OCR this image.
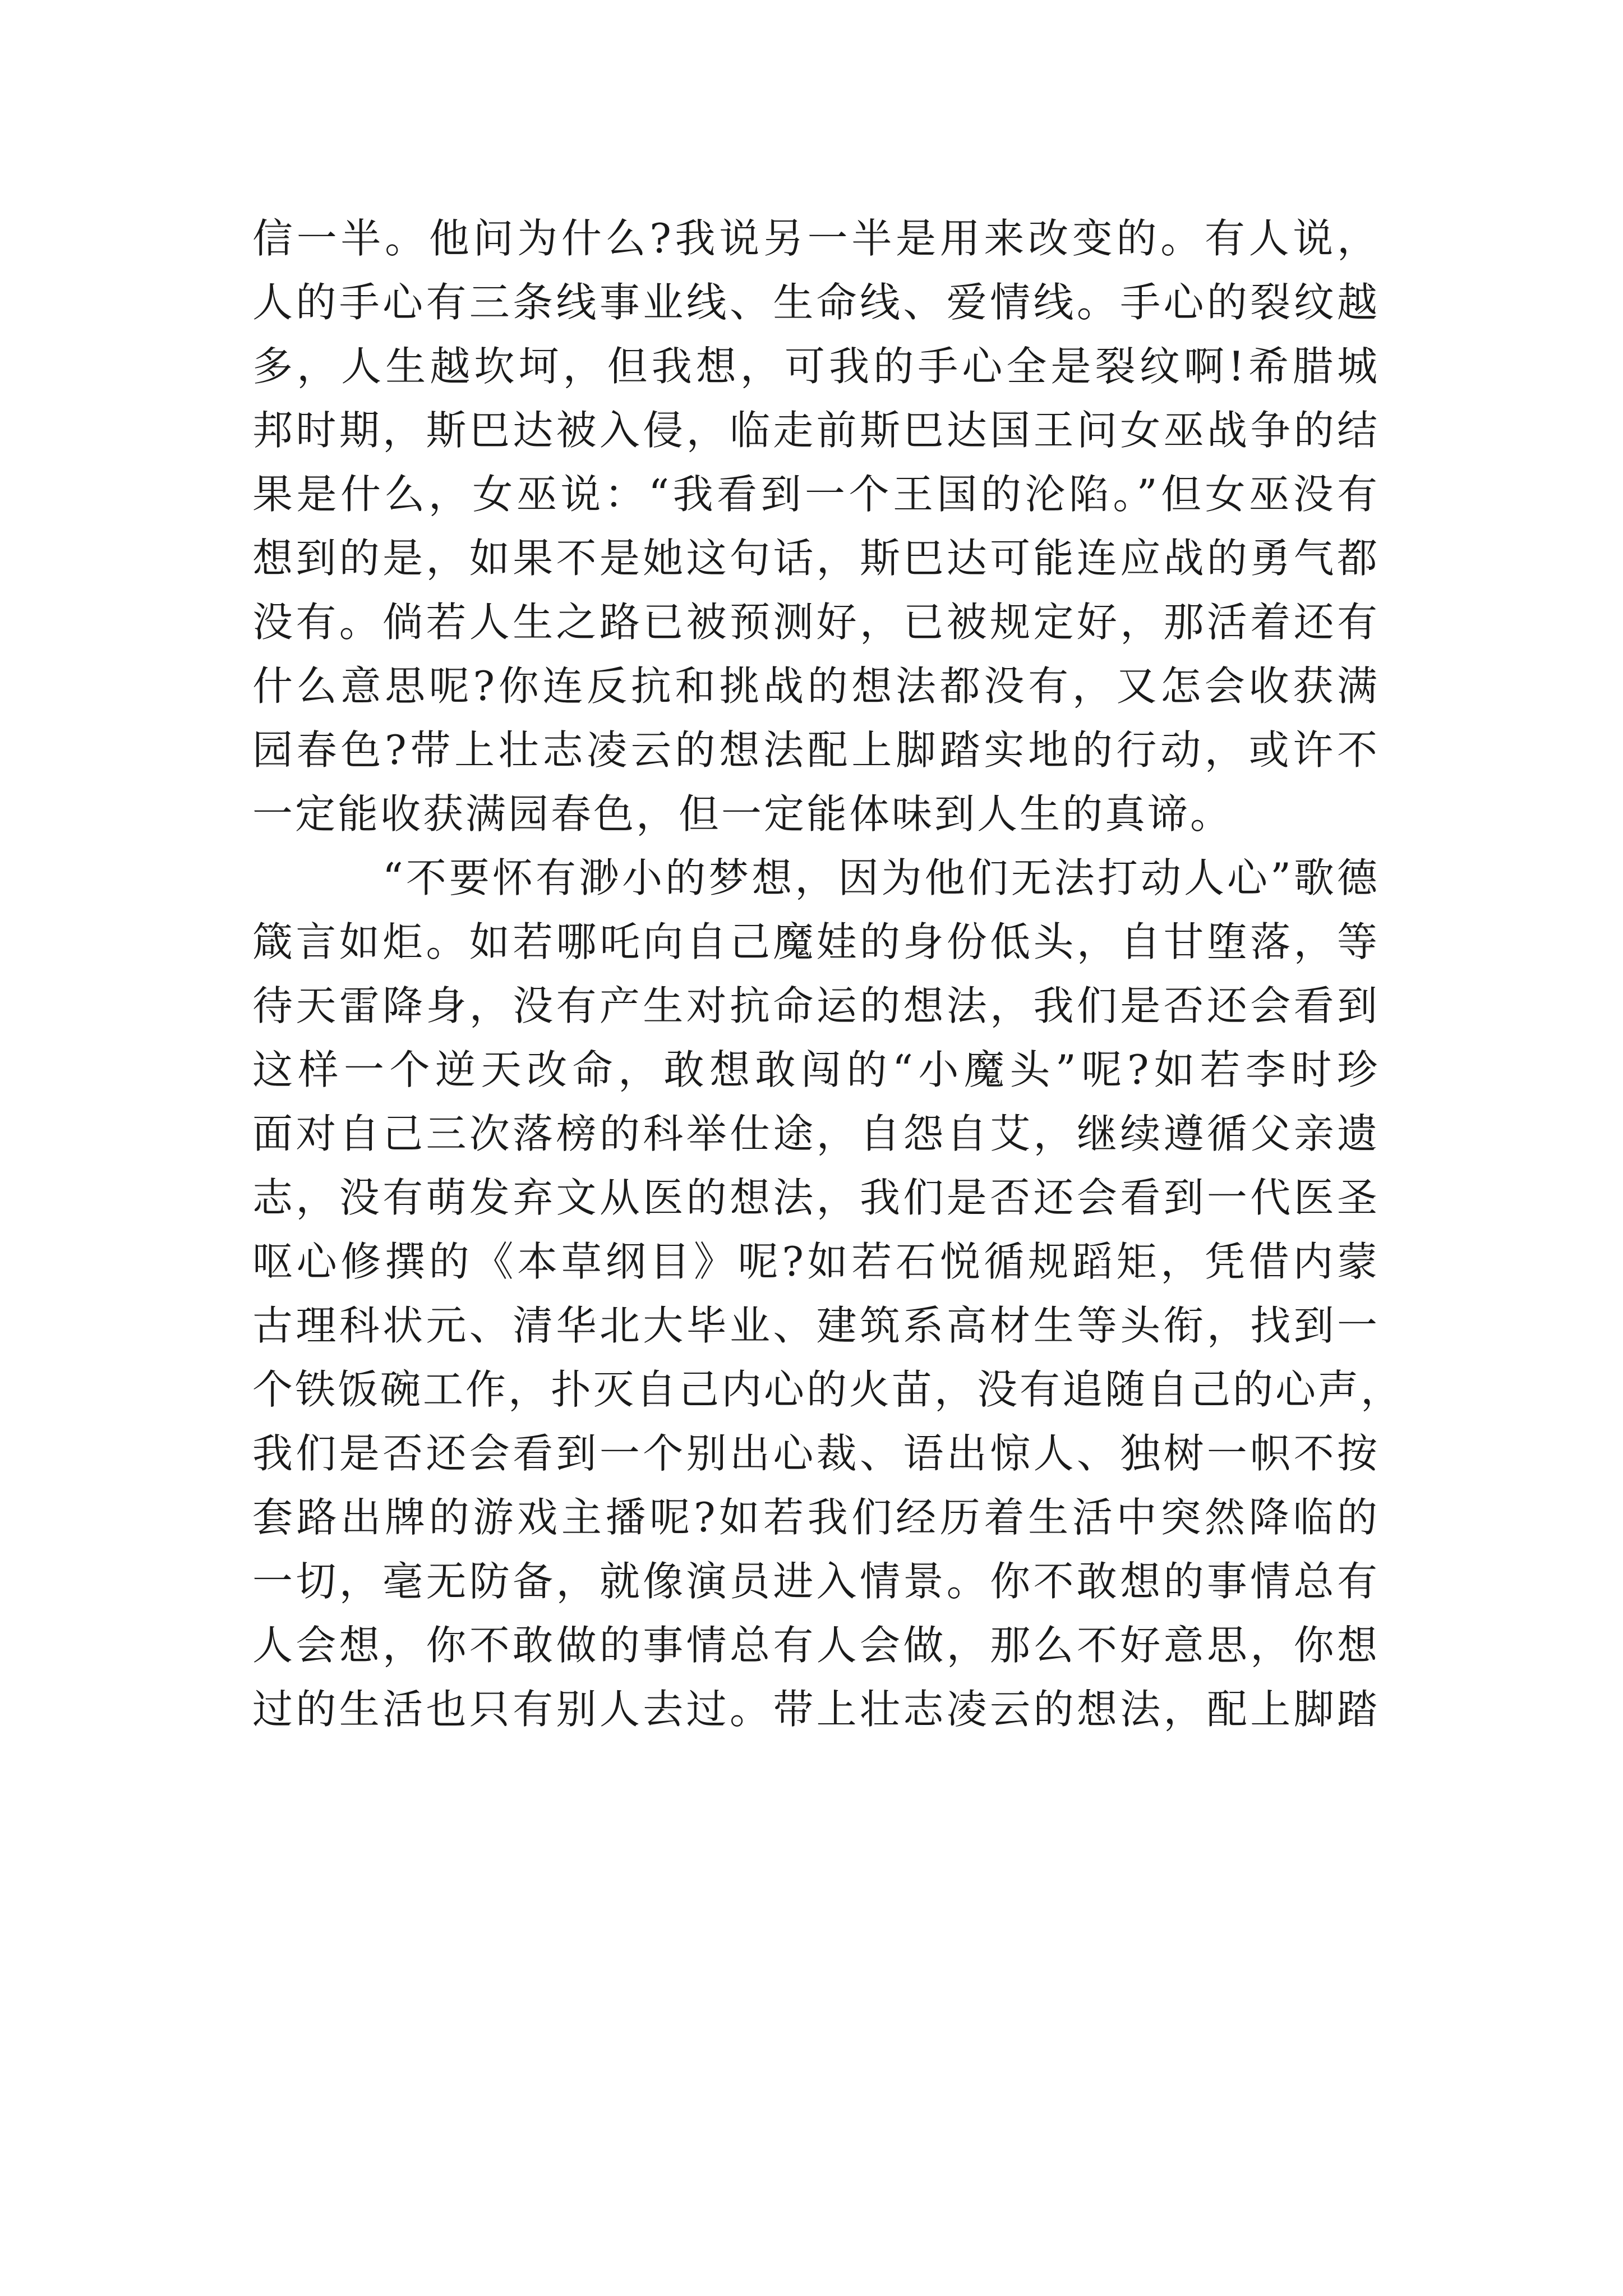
信一半。他问为什么?我说另一半是用来改变的。有人说，
人的手心有三条线事业线、生命线、爱情线。手心的裂纹越
多，人生越坎坷，但我想，可我的手心全是裂纹啊!希腊城
邦时期，斯巴达被入侵，临走前斯巴达国王问女巫战争的结
果是什么，女巫说：“我看到一个王国的沦陷。”但女巫没有
想到的是，如果不是她这句话，斯巴达可能连应战的勇气都
没有。倘若人生之路已被预测好，已被规定好，那活着还有
什么意思呢?你连反抗和挑战的想法都没有，又怎会收获满
园春色?带上壮志凌云的想法配上脚踏实地的行动，或许不
一定能收获满园春色，但一定能体味到人生的真谛。
“不要怀有渺小的梦想，因为他们无法打动人心”歌德
箴言如炬。如若哪吒向自己魔娃的身份低头，自甘堕落，等
待天雷降身，没有产生对抗命运的想法，我们是否还会看到
这样一个逆天改命，敢想敢闯的“小魔头”呢?如若李时珍
面对自己三次落榜的科举仕途，自怨自艾，继续遵循父亲遗
志，没有萌发弃文从医的想法，我们是否还会看到一代医圣
呕心修撰的《本草纲目》呢?如若石悦循规蹈矩，凭借内蒙
古理科状元、清华北大毕业、建筑系高材生等头衔，找到一
个铁饭碗工作，扑灭自己内心的火苗，没有追随自己的心声，
我们是否还会看到一个别出心裁、语出惊人、独树一帜不按
套路出牌的游戏主播呢?如若我们经历着生活中突然降临的
一切，毫无防备，就像演员进入情景。你不敢想的事情总有
人会想，你不敢做的事情总有人会做，那么不好意思，你想
过的生活也只有别人去过。带上壮志凌云的想法，配上脚踏
